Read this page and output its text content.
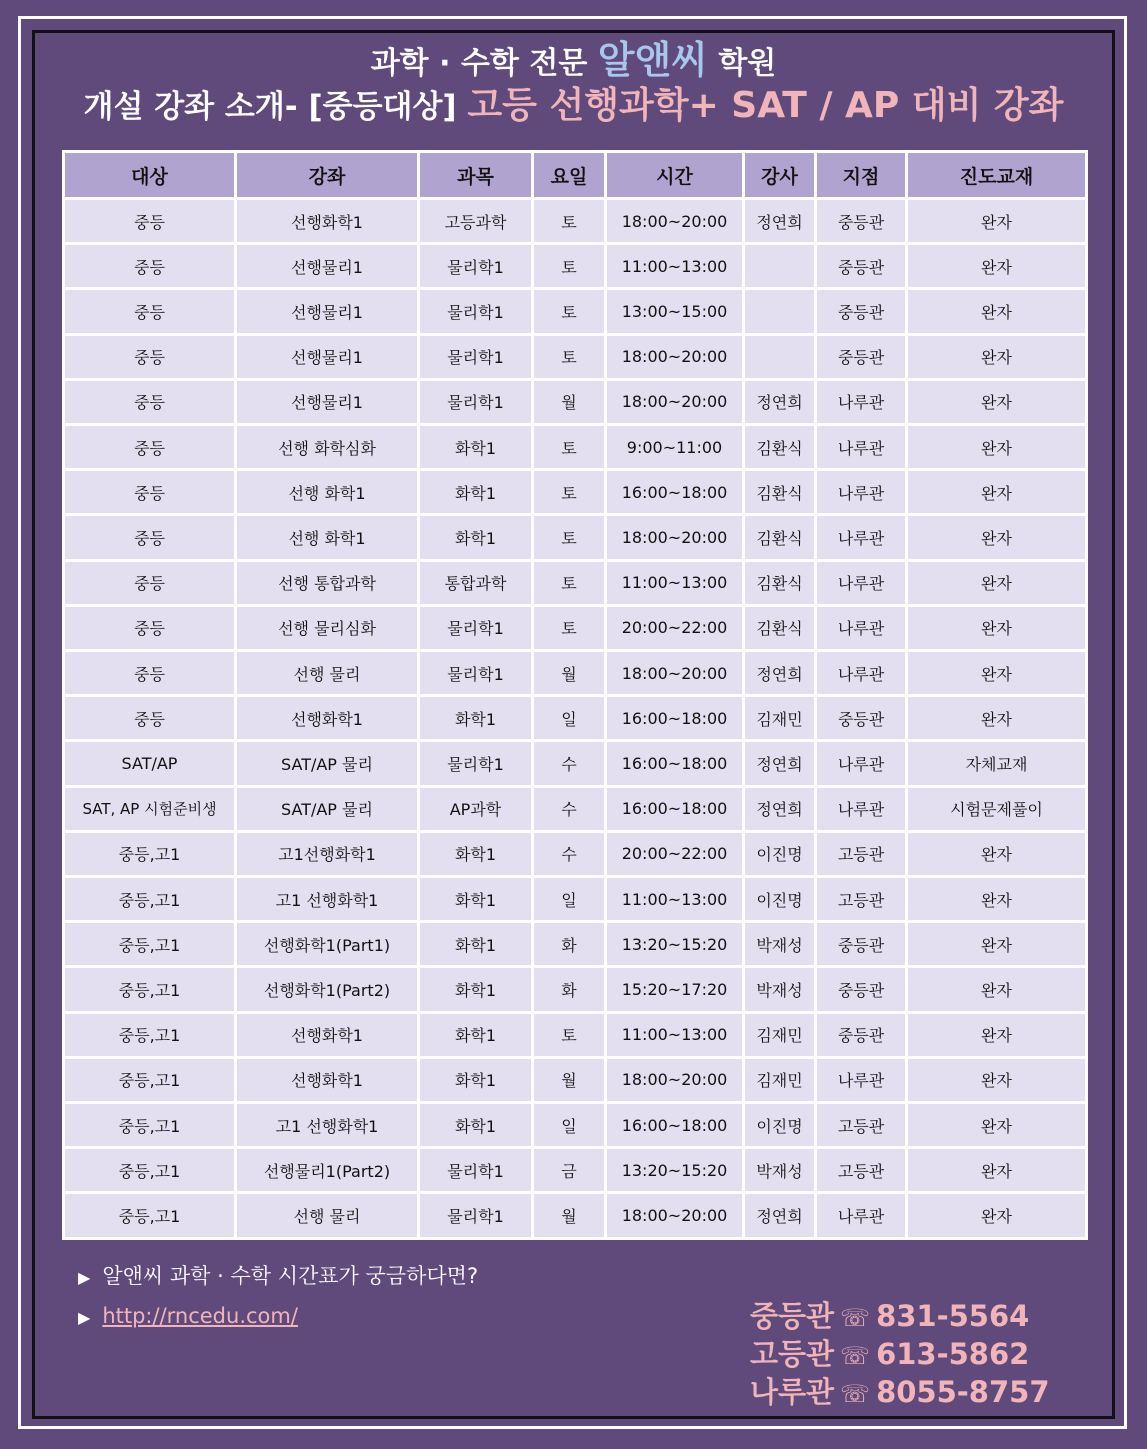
과학 · 수학 전문 알앤씨 학원
개설 강좌 소개- [중등대상] 고등 선행과학+ SAT / AP 대비 강좌
대상	강좌	과목	요일	시간	강사	지점	진도교재
중등	선행화학1	고등과학	토	18:00~20:00	정연희	중등관	완자
중등	선행물리1	물리학1	토	11:00~13:00		중등관	완자
중등	선행물리1	물리학1	토	13:00~15:00		중등관	완자
중등	선행물리1	물리학1	토	18:00~20:00		중등관	완자
중등	선행물리1	물리학1	월	18:00~20:00	정연희	나루관	완자
중등	선행 화학심화	화학1	토	9:00~11:00	김환식	나루관	완자
중등	선행 화학1	화학1	토	16:00~18:00	김환식	나루관	완자
중등	선행 화학1	화학1	토	18:00~20:00	김환식	나루관	완자
중등	선행 통합과학	통합과학	토	11:00~13:00	김환식	나루관	완자
중등	선행 물리심화	물리학1	토	20:00~22:00	김환식	나루관	완자
중등	선행 물리	물리학1	월	18:00~20:00	정연희	나루관	완자
중등	선행화학1	화학1	일	16:00~18:00	김재민	중등관	완자
SAT/AP	SAT/AP 물리	물리학1	수	16:00~18:00	정연희	나루관	자체교재
SAT, AP 시험준비생	SAT/AP 물리	AP과학	수	16:00~18:00	정연희	나루관	시험문제풀이
중등,고1	고1선행화학1	화학1	수	20:00~22:00	이진명	고등관	완자
중등,고1	고1 선행화학1	화학1	일	11:00~13:00	이진명	고등관	완자
중등,고1	선행화학1(Part1)	화학1	화	13:20~15:20	박재성	중등관	완자
중등,고1	선행화학1(Part2)	화학1	화	15:20~17:20	박재성	중등관	완자
중등,고1	선행화학1	화학1	토	11:00~13:00	김재민	중등관	완자
중등,고1	선행화학1	화학1	월	18:00~20:00	김재민	나루관	완자
중등,고1	고1 선행화학1	화학1	일	16:00~18:00	이진명	고등관	완자
중등,고1	선행물리1(Part2)	물리학1	금	13:20~15:20	박재성	고등관	완자
중등,고1	선행 물리	물리학1	월	18:00~20:00	정연희	나루관	완자
▶ 알앤씨 과학 · 수학 시간표가 궁금하다면?
▶ http://rncedu.com/	중등관 ☏ 831-5564
고등관 ☏ 613-5862
나루관 ☏ 8055-8757
